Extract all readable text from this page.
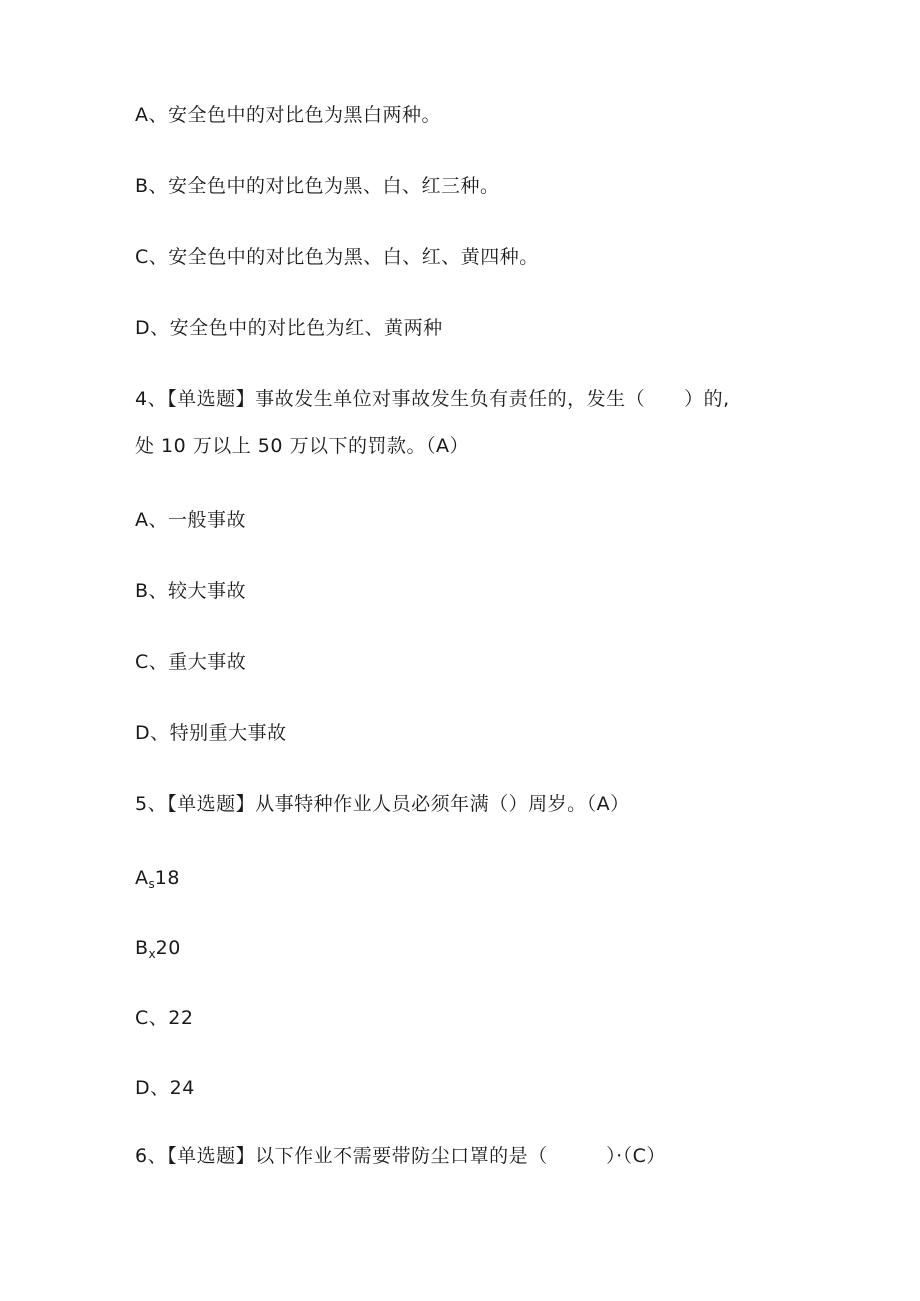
A、安全色中的对比色为黑白两种。
B、安全色中的对比色为黑、白、红三种。
C、安全色中的对比色为黑、白、红、黄四种。
D、安全色中的对比色为红、黄两种
4、【单选题】事故发生单位对事故发生负有责任的，发生（　　）的,
处 10 万以上 50 万以下的罚款。（A）
A、一般事故
B、较大事故
C、重大事故
D、特别重大事故
5、【单选题】从事特种作业人员必须年满（）周岁。（A）
$A_s18$
$B_x20$
C、22
D、24
6、【单选题】以下作业不需要带防尘口罩的是（　　　）·（C）
